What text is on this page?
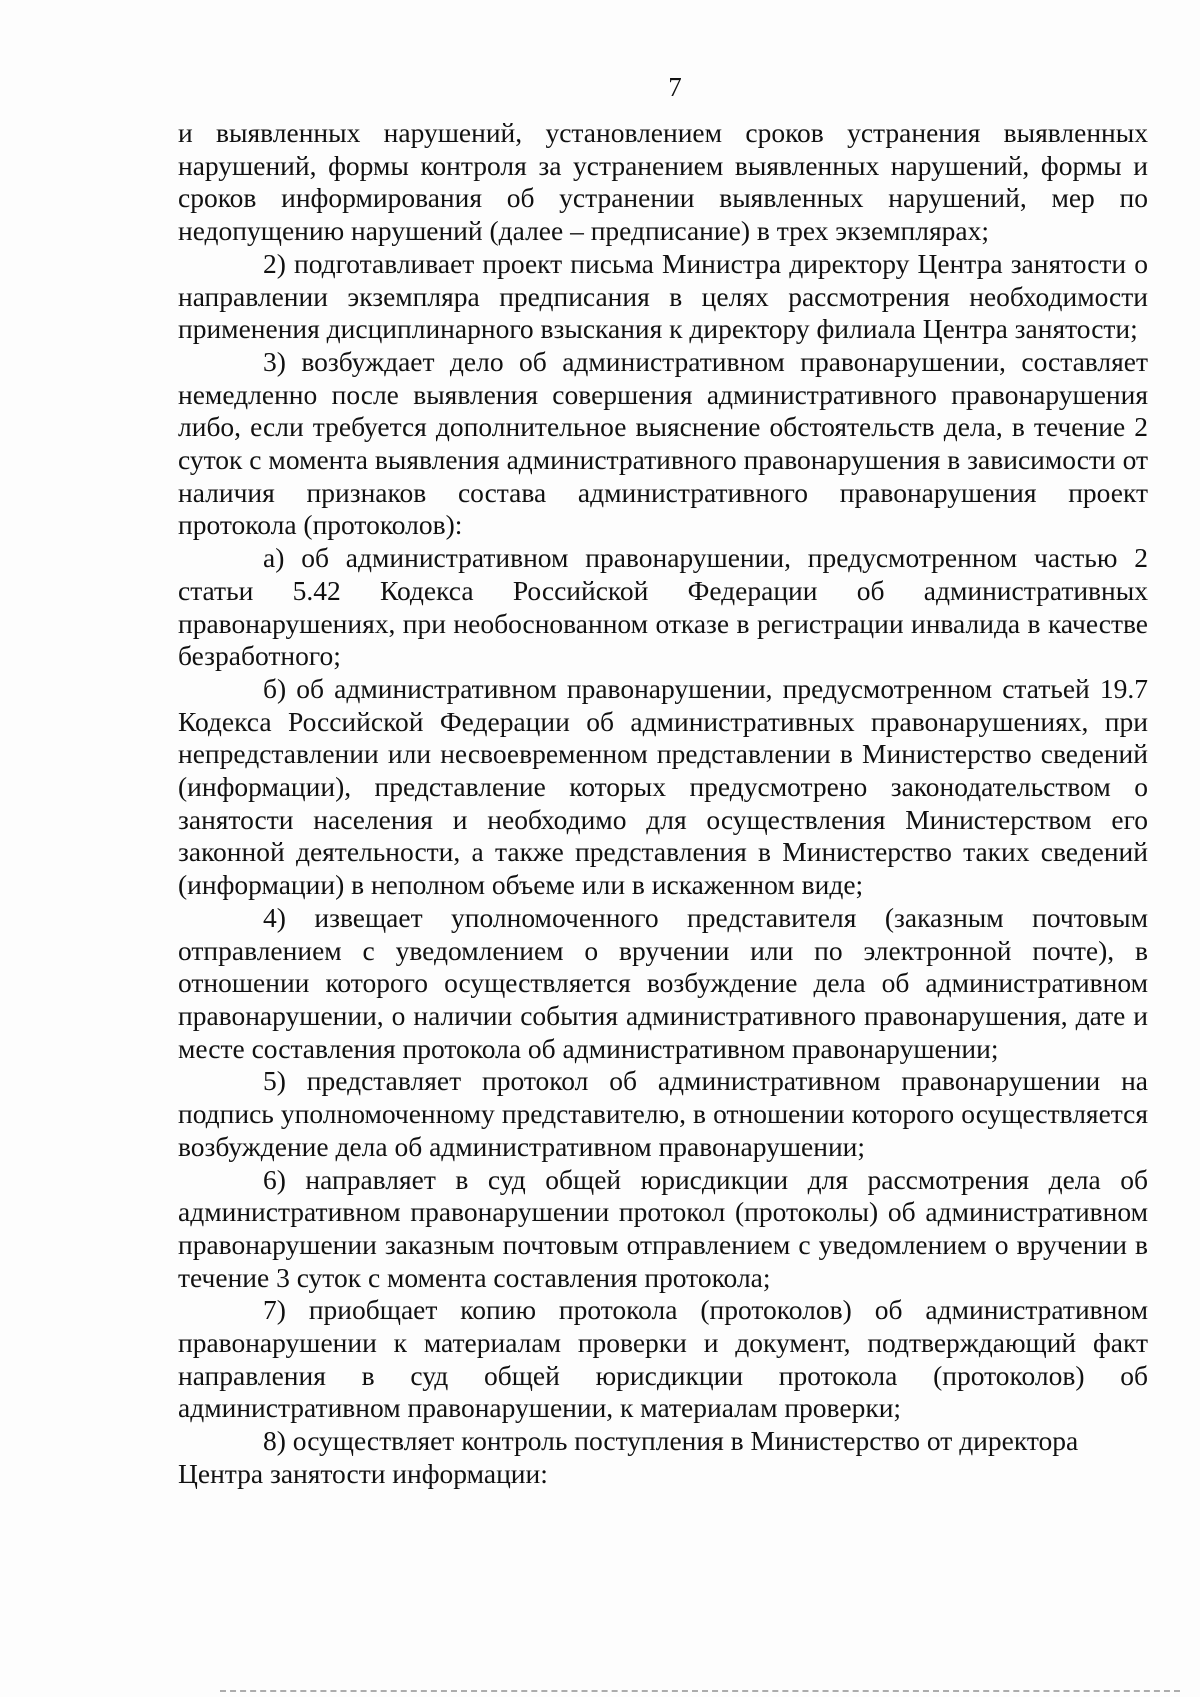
7

и выявленных нарушений, установлением сроков устранения выявленных нарушений, формы контроля за устранением выявленных нарушений, формы и сроков информирования об устранении выявленных нарушений, мер по недопущению нарушений (далее – предписание) в трех экземплярах;

2) подготавливает проект письма Министра директору Центра занятости о направлении экземпляра предписания в целях рассмотрения необходимости применения дисциплинарного взыскания к директору филиала Центра занятости;

3) возбуждает дело об административном правонарушении, составляет немедленно после выявления совершения административного правонарушения либо, если требуется дополнительное выяснение обстоятельств дела, в течение 2 суток с момента выявления административного правонарушения в зависимости от наличия признаков состава административного правонарушения проект протокола (протоколов):

а) об административном правонарушении, предусмотренном частью 2 статьи 5.42 Кодекса Российской Федерации об административных правонарушениях, при необоснованном отказе в регистрации инвалида в качестве безработного;

б) об административном правонарушении, предусмотренном статьей 19.7 Кодекса Российской Федерации об административных правонарушениях, при непредставлении или несвоевременном представлении в Министерство сведений (информации), представление которых предусмотрено законодательством о занятости населения и необходимо для осуществления Министерством его законной деятельности, а также представления в Министерство таких сведений (информации) в неполном объеме или в искаженном виде;

4) извещает уполномоченного представителя (заказным почтовым отправлением с уведомлением о вручении или по электронной почте), в отношении которого осуществляется возбуждение дела об административном правонарушении, о наличии события административного правонарушения, дате и месте составления протокола об административном правонарушении;

5) представляет протокол об административном правонарушении на подпись уполномоченному представителю, в отношении которого осуществляется возбуждение дела об административном правонарушении;

6) направляет в суд общей юрисдикции для рассмотрения дела об административном правонарушении протокол (протоколы) об административном правонарушении заказным почтовым отправлением с уведомлением о вручении в течение 3 суток с момента составления протокола;

7) приобщает копию протокола (протоколов) об административном правонарушении к материалам проверки и документ, подтверждающий факт направления в суд общей юрисдикции протокола (протоколов) об административном правонарушении, к материалам проверки;

8) осуществляет контроль поступления в Министерство от директора Центра занятости информации:
